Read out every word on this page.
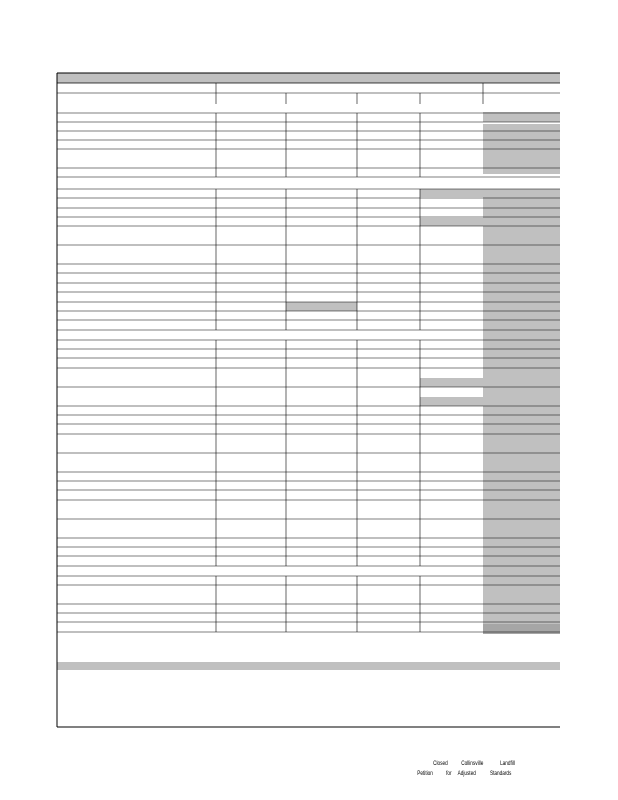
Closed Collinsville	Landfill
Petition for Adjusted Standards
